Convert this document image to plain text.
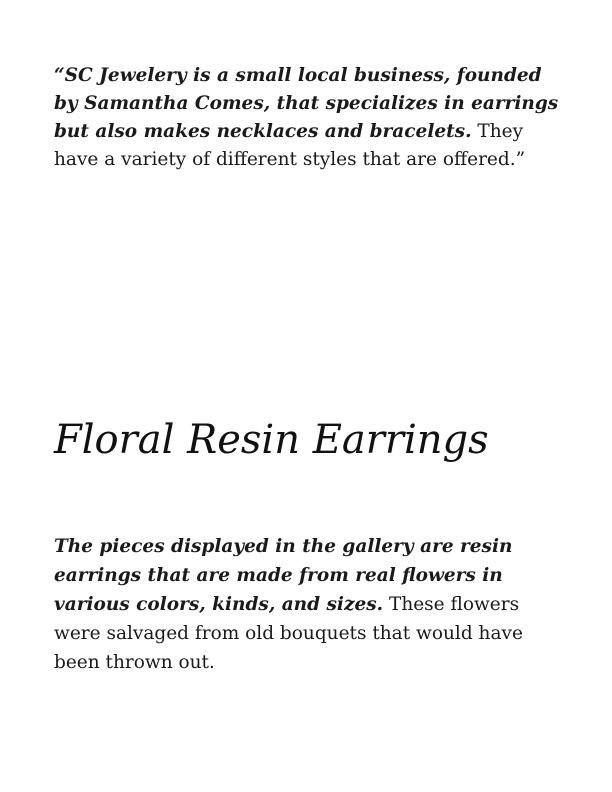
“SC Jewelery is a small local business, founded by Samantha Comes, that specializes in earrings but also makes necklaces and bracelets. They have a variety of different styles that are offered.”

Floral Resin Earrings

The pieces displayed in the gallery are resin earrings that are made from real flowers in various colors, kinds, and sizes. These flowers were salvaged from old bouquets that would have been thrown out.
